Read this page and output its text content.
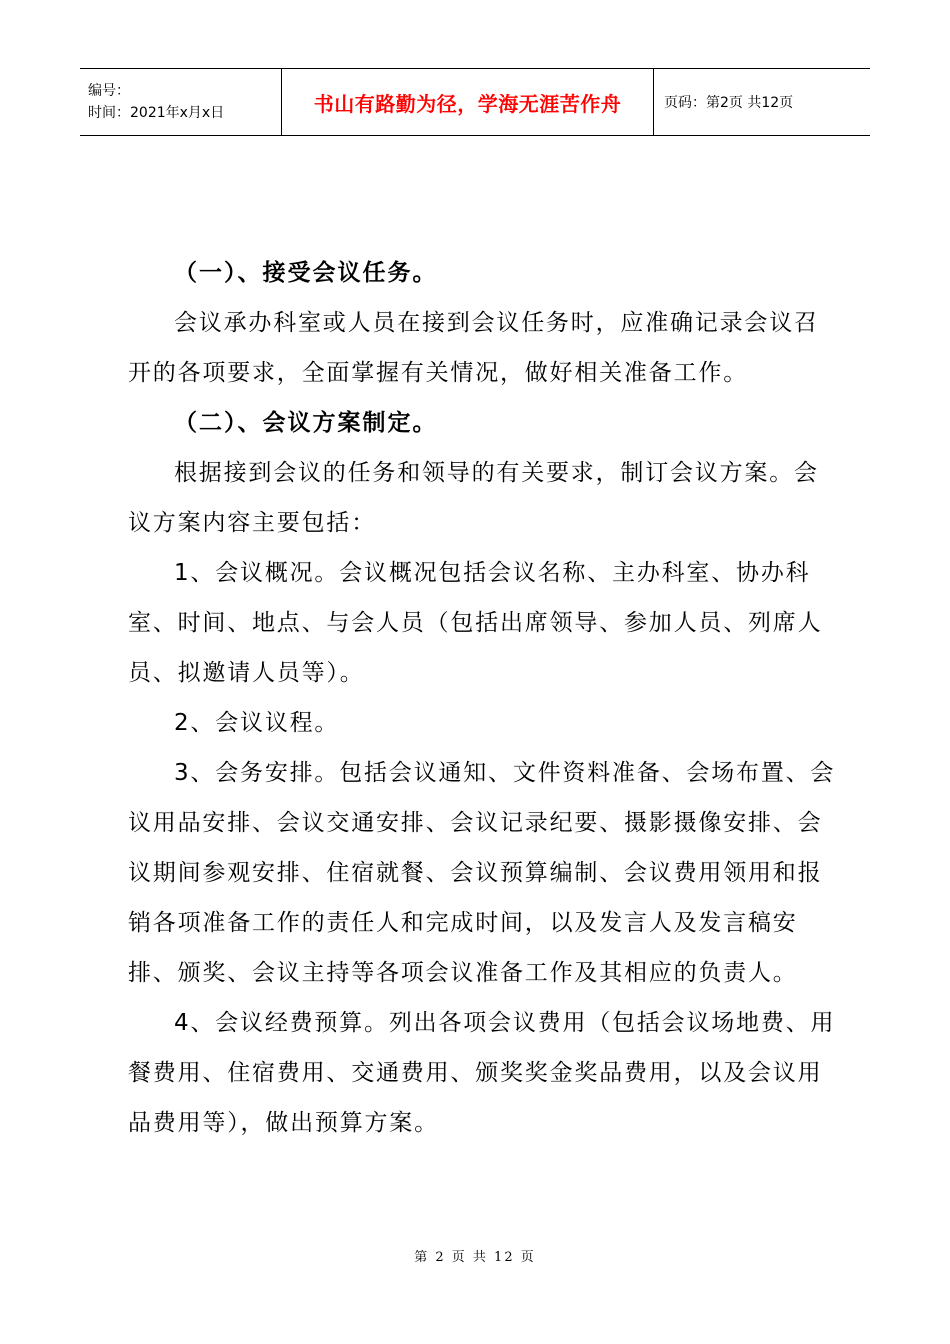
编号：
时间：2021年x月x日	书山有路勤为径，学海无涯苦作舟	页码：第2页 共12页

（一）、接受会议任务。

会议承办科室或人员在接到会议任务时，应准确记录会议召开的各项要求，全面掌握有关情况，做好相关准备工作。

（二）、会议方案制定。

根据接到会议的任务和领导的有关要求，制订会议方案。会议方案内容主要包括：

1、会议概况。会议概况包括会议名称、主办科室、协办科室、时间、地点、与会人员（包括出席领导、参加人员、列席人员、拟邀请人员等）。

2、会议议程。

3、会务安排。包括会议通知、文件资料准备、会场布置、会议用品安排、会议交通安排、会议记录纪要、摄影摄像安排、会议期间参观安排、住宿就餐、会议预算编制、会议费用领用和报销各项准备工作的责任人和完成时间，以及发言人及发言稿安排、颁奖、会议主持等各项会议准备工作及其相应的负责人。

4、会议经费预算。列出各项会议费用（包括会议场地费、用餐费用、住宿费用、交通费用、颁奖奖金奖品费用，以及会议用品费用等），做出预算方案。

第 2 页 共 12 页
